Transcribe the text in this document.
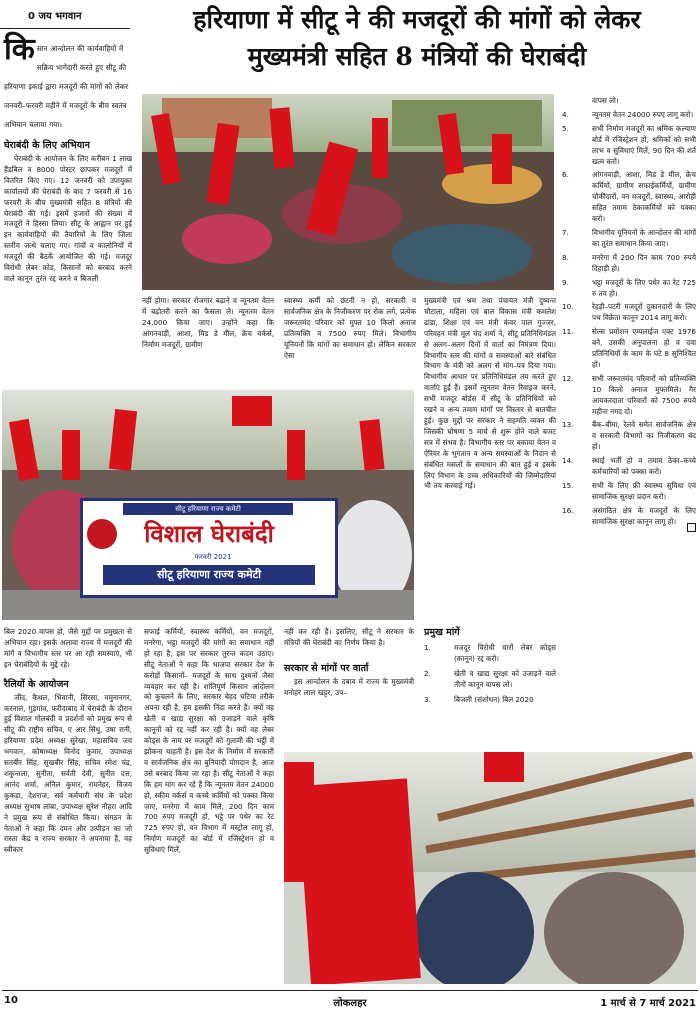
0 जय भगवान	हरियाणा में सीटू ने की मजदूरों की मांगों को लेकर
मुख्यमंत्री सहित 8 मंत्रियों की घेराबंदी
कि सान आन्दोलन की कार्यवाहियों में सक्रिय भागेदारी करते हुए सीटू की हरियाणा इकाई द्वारा मजदूरों की मांगों को लेकर जनवरी–फरवरी महीने में मजदूरों के बीच स्वतंत्र अभियान चलाया गया।
घेराबंदी के लिए अभियान
घेराबंदी के आयोजन के लिए करीबन 1 लाख हैंडबिल व 8000 पोस्टर छापकर मजदूरों में वितरित किए गए। 12 जनवरी को उपायुक्त कार्यालयों की घेराबंदी के बाद 7 फरवरी से 16 फरवरी के बीच मुख्यमंत्री सहित 8 मंत्रियों की घेराबंदी की गई। इसमें हजारों की संख्या में मजदूरों ने हिस्सा लिया। सीटू के आह्वान पर हुई इन कार्यवाहियों की तैयारियों के लिए जिला स्तरीय जत्थे चलाए गए। गांवों व कालोनियों में मजदूरों की बैठकें आयोजित की गई। मजदूर विरोधी लेबर कोड, किसानों को बरबाद करने वाले कानून तुरंत रद्द करने व बिजली
वापस लो।
4.	न्यूनतम वेतन 24000 रुपए लागू करो।
5.	सभी निर्माण मजदूरों का श्रमिक कल्याण बोर्ड में रजिस्ट्रेशन हो, श्रमिकों को सभी लाभ व सुविधाएं मिलें, 90 दिन की शर्त खत्म करो।
6.	आंगनवाड़ी, आशा, मिड डे मील, क्रेच कर्मियों, ग्रामीण सफाईकर्मियों, ग्रामीण चौकीदारों, वन मजदूरों, स्वास्थ्य, आरोही सहित तमाम ठेकाकर्मियों को पक्का करो।
7.	विभागीय यूनियनों के आन्दोलन की मांगों का तुरंत समाधान किया जाए।
8.	मनरेगा में 200 दिन काम 700 रुपये दिहाड़ी हो।
9.	भट्ठा मजदूरों के लिए पथेर का रेट 725 रु तय हो।
10.	रेहड़ी–पटरी मजदूरों दुकानदारों के लिए पथ विक्रेता कानून 2014 लागू करो।
11.	सेल्स प्रमोशन एम्पलाईज एक्ट 1976 बने, उसकी अनुपालना हो व दवा प्रतिनिधियों के काम के घंटे 8 सुनिश्चित हों।
12.	सभी जरूरतमंद परिवारों को प्रतिव्यक्ति 10 किलो अनाज मुफ्तमिले। गैर आयकरदाता परिवारों को 7500 रुपये महीना नगद दो।
13.	बैंक–बीमा, रेलवे समेत सार्वजनिक क्षेत्र व सरकारी विभागों का निजीकरण बंद हो।
14.	स्थाई भर्ती हो व तमाम ठेका–कच्चे कर्मचारियों को पक्का करो।
15.	सभी के लिए फ्री स्वास्थ्य सुविधा एवं सामाजिक सुरक्षा प्रदान करो।
16.	असंगठित क्षेत्र के मजदूरों के लिए सामाजिक सुरक्षा कानून लागू हो।
नहीं होगा। सरकार रोजगार बढ़ाने व न्यूनतम वेतन में बढ़ोतरी करने का फैसला ले। न्यूनतम वेतन 24,000 किया जाए। उन्होंने कहा कि आंगनवाड़ी, आशा, मिड डे मील, क्रेच वर्कर्स, निर्माण मजदूरों, ग्रामीण
स्वास्थ्य कर्मी को छंटनी न हो, सरकारी व सार्वजनिक क्षेत्र के निजीकरण पर रोक लगे, प्रत्येक जरूरतमंद परिवार को मुफ्त 10 किलो अनाज प्रतिव्यक्ति व 7500 रुपए मिले। विभागीय यूनियनों कि मांगों का समाधान हो। लेकिन सरकार ऐसा
मुख्यमंत्री एवं श्रम तथा पंचायत मंत्री दुष्यन्त चौटाला, महिला एवं बाल विकास मंत्री कमलेश ढांडा, शिक्षा एवं वन मंत्री कंवर पाल गुज्जर, परिवहन मंत्री मूल चंद शर्मा ने, सीटू प्रतिनिधिमंडल से अलग–अलग दिनों में वार्ता का निमंत्रण दिया। विभागीय स्तर की मांगों व समस्याओं बारे संबंधित विभाग के मंत्री को अलग से मांग–पत्र दिया गया। विभागीय आधार पर प्रतिनिधिमंडल तय करते हुए वार्ताएं हुईं हैं। इसमें न्यूनतम वेतन रिवाइज करने, सभी मजदूर बोर्डस में सीटू के प्रतिनिधियों को रखने व अन्य तमाम मांगों पर विस्तार से बातचीत हुई। कुछ मुद्दों पर सरकार ने सहमति व्यक्त की जिसकी घोषणा 5 मार्च से शुरू होने वाले बजट सत्र में संभव है। विभागीय स्तर पर बकाया वेतन व ऐरियर के भुगतान व अन्य समस्याओं के निदान से संबंधित मसलों के समाधान की बात हुई व इसके लिए विभाग के उच्च अधिकारियों की जिम्मेदारियां भी तय करवाई गई।
सीटू हरियाणा राज्य कमेटी
विशाल घेराबंदी
फरवरी 2021
सीटू हरियाणा राज्य कमेटी
बिल 2020 वापस हो, जैसे मुद्दों पर प्रमुखता से अभियान रहा। इसके अलावा राज्य में मजदूरों की मांगें व विभागीय स्तर पर आ रही समस्याएं, भी इन घेराबंदियों के मुद्दे रहे।
रैलियों के आयोजन
जींद, कैथल, भिवानी, सिरसा, यमुनानगर, करनाल, गुड़गांव, फरीदाबाद में घेराबंदी के दौरान हुई विशाल गोलबंदी व प्रदर्शनों को प्रमुख रूप से सीटू की राष्ट्रीय सचिव, ए आर सिंधु, उषा रानी, हरियाणा प्रदेश अध्यक्ष सुरेखा, महासचिव जय भगवान, कोषाध्यक्ष विनोद कुमार, उपाध्यक्ष सतबीर सिंह, सुखबीर सिंह, सचिव रमेश चंद्र, शकुन्तला, सुनीता, सर्वती देवी, सुनीत दत्त, आनंद शर्मा, अनिल कुमार, रामनेहर, विजय कुकड़ा, देशराज, सर्व कर्मचारी संघ के प्रदेश अध्यक्ष सुभाष लांबा, उपाध्यक्ष सुरेश नौहरा आदि ने प्रमुख रूप से संबोधित किया। संगठन के नेताओं ने कहा कि दमन और उत्पीड़न का जो रास्ता केंद्र व राज्य सरकार ने अपनाया है, वह स्वीकार
सफाई कर्मियों, स्वास्थ्य कर्मियों, वन मजदूरों, मनरेगा, भट्ठा मजदूरों की मांगों का समाधान नहीं हो रहा है, इस पर सरकार तुरन्त कदम उठाए। सीटू नेताओं ने कहा कि भाजपा सरकार देश के करोड़ों किसानों– मजदूरों के साथ दुश्मनों जैसा व्यवहार कर रही है। शांतिपूर्ण किसान आंदोलन को कुचलने के लिए, सरकार बेहद घटिया तरीके अपना रही है, हम इसकी निंदा करते हैं। क्यों वह खेती व खाद्य सुरक्षा को उजाड़ने वाले कृषि कानूनों को रद्द नहीं कर रही है। क्यों वह लेबर कोड्स के नाम पर मजदूरों को गुलामी की भट्ठी में झोंकना चाहती है। इस देश के निर्माण में सरकारी व सार्वजनिक क्षेत्र का बुनियादी योगदान है, आज उसे बरबाद किया जा रहा है। सीटू नेताओं ने कहा कि हम मांग कर रहे हैं कि न्यूनतम वेतन 24000 हो, स्कीम वर्कर्स व कच्चे कर्मियों को पक्का किया जाए, मनरेगा में काम मिले, 200 दिन काम 700 रुपए मजदूरी हो, भट्ठे पर पथेर का रेट 725 रुपए हो, वन विभाग में मस्ट्रोल लागू हो, निर्माण मजदूरों का बोर्ड में रजिस्ट्रेशन हो व सुविधाएं मिलें,
नहीं कर रही है। इसलिए, सीटू ने सरकार के मंत्रियों की घेराबंदी का निर्णय किया है।
सरकार से मांगों पर वार्ता
इस आन्दोलन के दबाव में राज्य के मुख्यमंत्री मनोहर लाल खट्टर, उप–
प्रमुख मांगें
1.	मजदूर विरोधी चारों लेबर कोड्स (कानून) रद्द करो।
2.	खेती व खाद्य सुरक्षा को उजाड़ने वाले तीनों कानून वापस लो।
3.	बिजली (संशोधन) बिल 2020
10	लोकलहर	1 मार्च से 7 मार्च 2021
